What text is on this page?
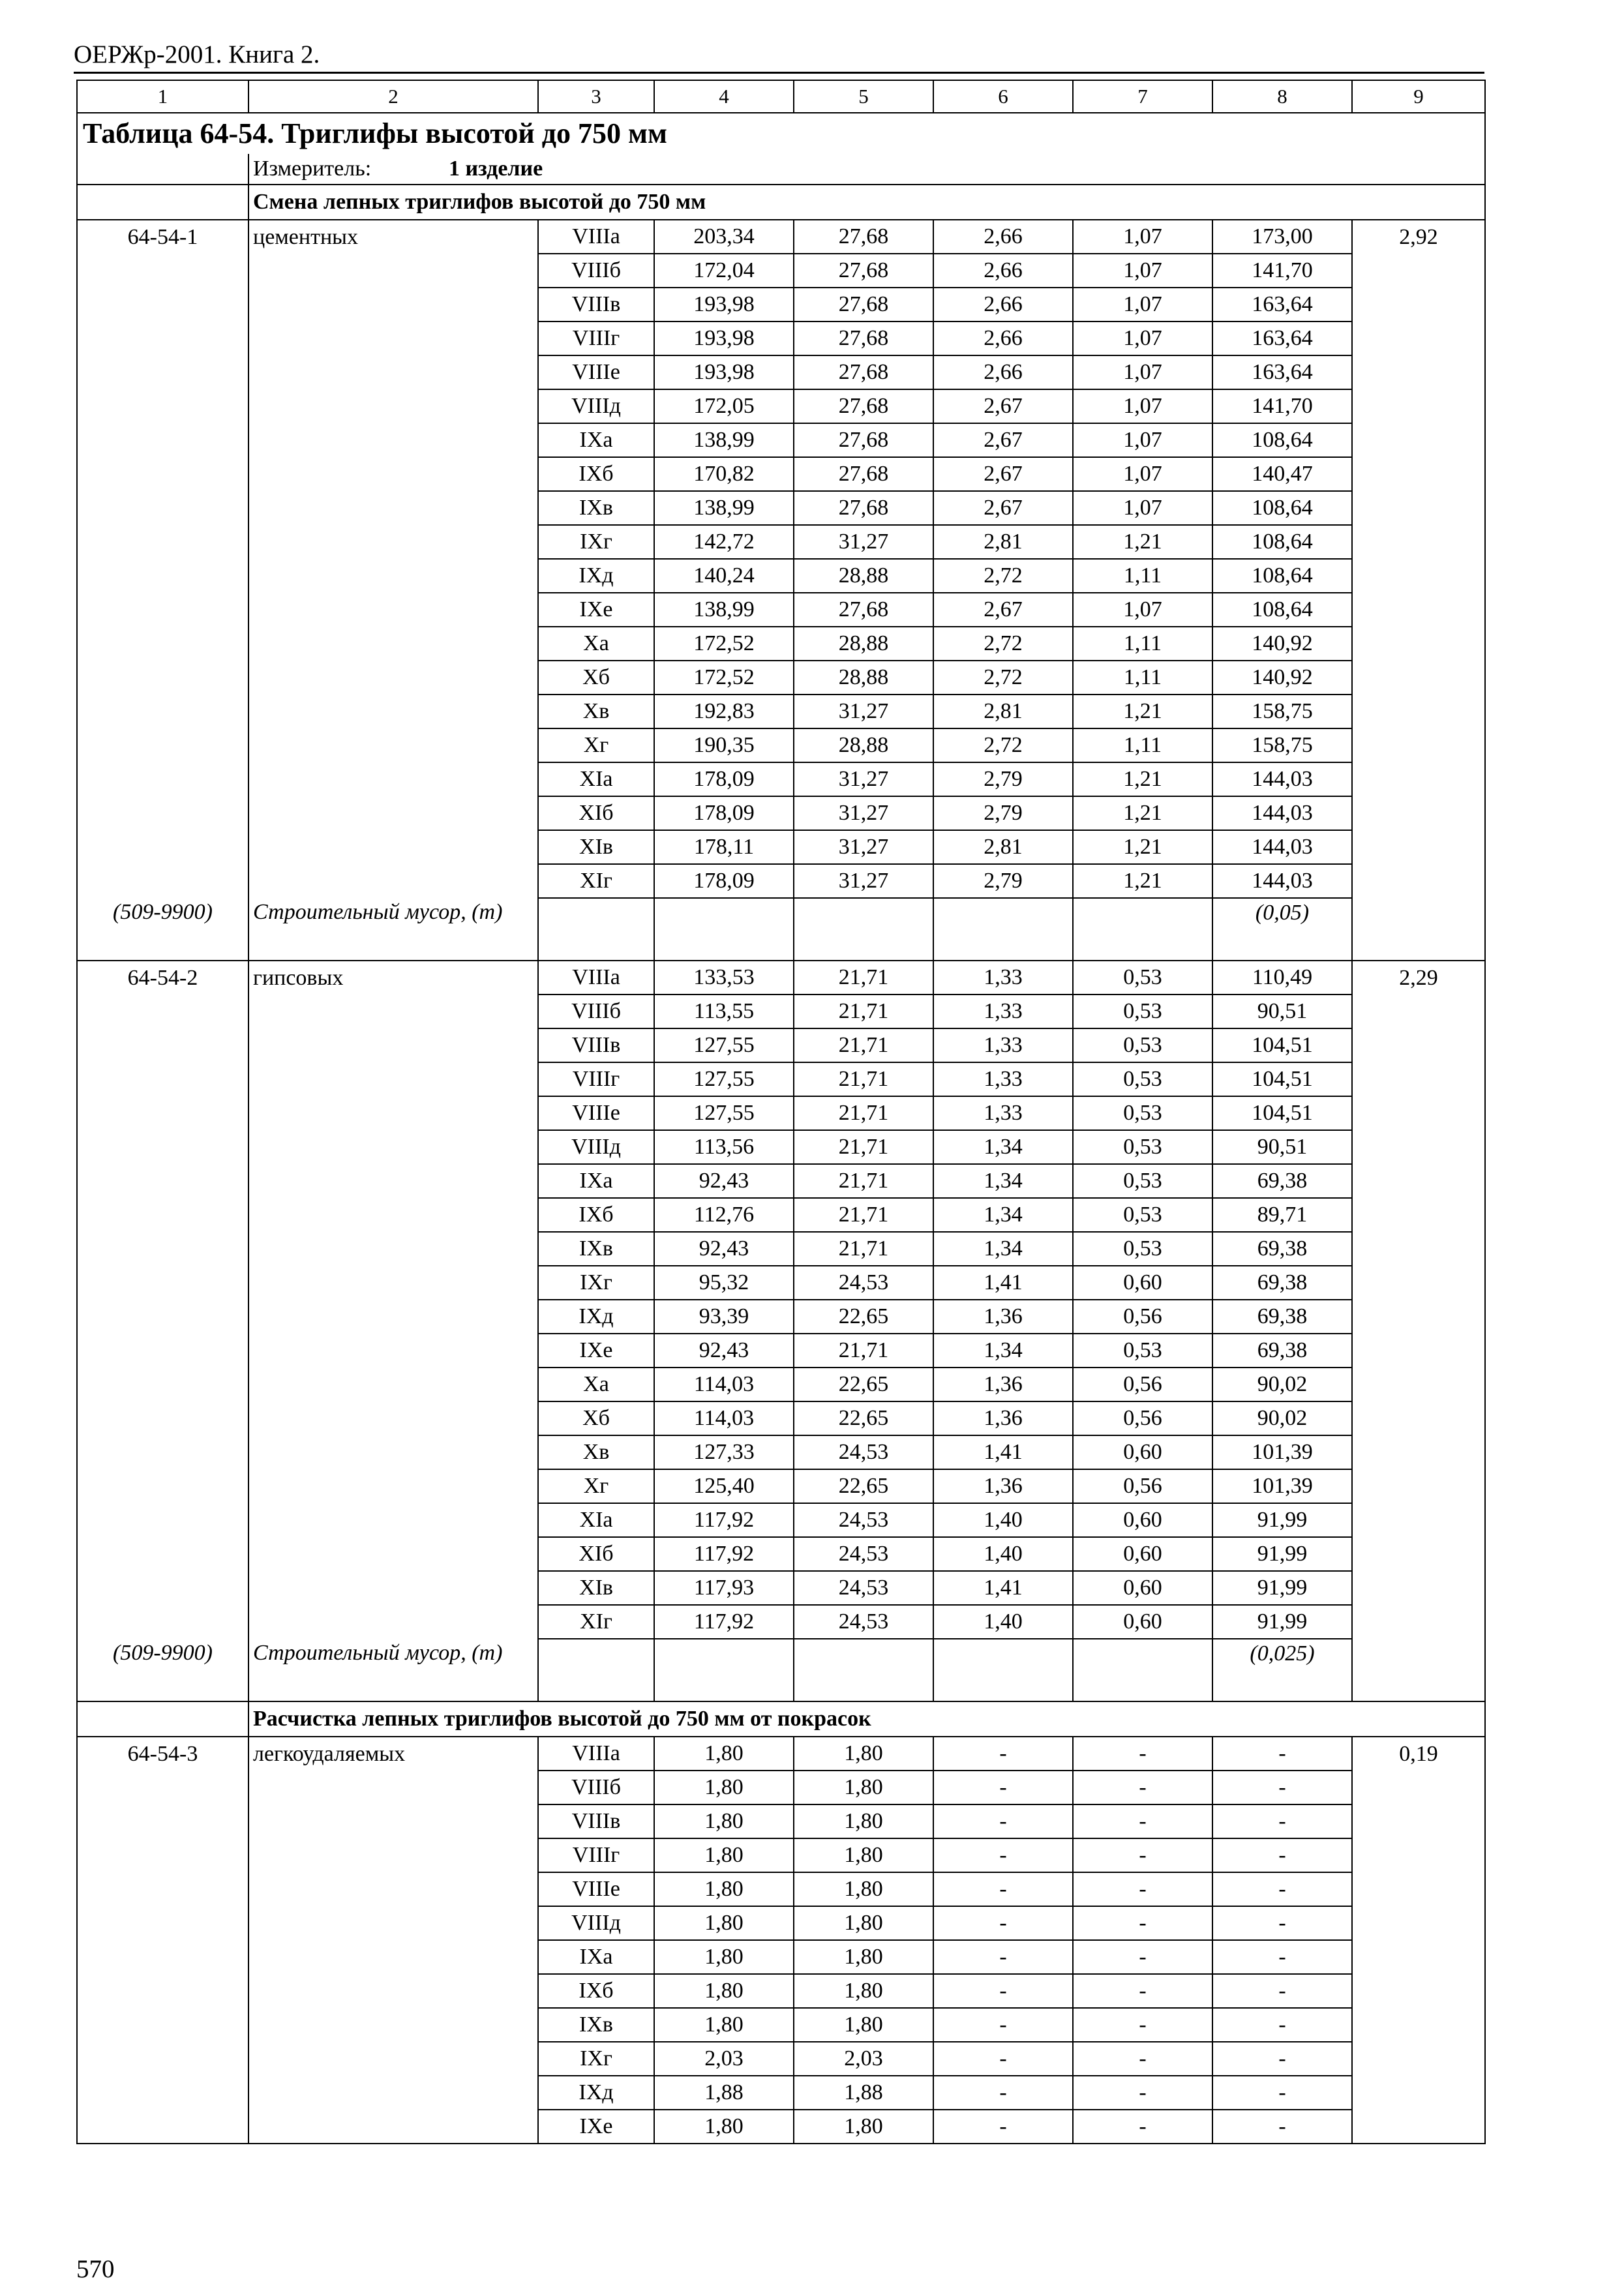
ОЕРЖр-2001. Книга 2.
1	2	3	4	5	6	7	8	9
Таблица 64-54. Триглифы высотой до 750 мм								
	Измеритель: 1 изделие							
	Смена лепных триглифов высотой до 750 мм							
64-54-1	цементных	VIIIа	203,34	27,68	2,66	1,07	173,00	2,92
		VIIIб	172,04	27,68	2,66	1,07	141,70	
		VIIIв	193,98	27,68	2,66	1,07	163,64	
		VIIIг	193,98	27,68	2,66	1,07	163,64	
		VIIIе	193,98	27,68	2,66	1,07	163,64	
		VIIIд	172,05	27,68	2,67	1,07	141,70	
		IXа	138,99	27,68	2,67	1,07	108,64	
		IXб	170,82	27,68	2,67	1,07	140,47	
		IXв	138,99	27,68	2,67	1,07	108,64	
		IXг	142,72	31,27	2,81	1,21	108,64	
		IXд	140,24	28,88	2,72	1,11	108,64	
		IXе	138,99	27,68	2,67	1,07	108,64	
		Xа	172,52	28,88	2,72	1,11	140,92	
		Xб	172,52	28,88	2,72	1,11	140,92	
		Xв	192,83	31,27	2,81	1,21	158,75	
		Xг	190,35	28,88	2,72	1,11	158,75	
		XIа	178,09	31,27	2,79	1,21	144,03	
		XIб	178,09	31,27	2,79	1,21	144,03	
		XIв	178,11	31,27	2,81	1,21	144,03	
		XIг	178,09	31,27	2,79	1,21	144,03	

(509-9900)	Строительный мусор, (т)						(0,05)	

64-54-2	гипсовых	VIIIа	133,53	21,71	1,33	0,53	110,49	2,29
		VIIIб	113,55	21,71	1,33	0,53	90,51	
		VIIIв	127,55	21,71	1,33	0,53	104,51	
		VIIIг	127,55	21,71	1,33	0,53	104,51	
		VIIIе	127,55	21,71	1,33	0,53	104,51	
		VIIIд	113,56	21,71	1,34	0,53	90,51	
		IXа	92,43	21,71	1,34	0,53	69,38	
		IXб	112,76	21,71	1,34	0,53	89,71	
		IXв	92,43	21,71	1,34	0,53	69,38	
		IXг	95,32	24,53	1,41	0,60	69,38	
		IXд	93,39	22,65	1,36	0,56	69,38	
		IXе	92,43	21,71	1,34	0,53	69,38	
		Xа	114,03	22,65	1,36	0,56	90,02	
		Xб	114,03	22,65	1,36	0,56	90,02	
		Xв	127,33	24,53	1,41	0,60	101,39	
		Xг	125,40	22,65	1,36	0,56	101,39	
		XIа	117,92	24,53	1,40	0,60	91,99	
		XIб	117,92	24,53	1,40	0,60	91,99	
		XIв	117,93	24,53	1,41	0,60	91,99	
		XIг	117,92	24,53	1,40	0,60	91,99	

(509-9900)	Строительный мусор, (т)						(0,025)	

	Расчистка лепных триглифов высотой до 750 мм от покрасок							
64-54-3	легкоудаляемых	VIIIа	1,80	1,80	-	-	-	0,19
		VIIIб	1,80	1,80	-	-	-	
		VIIIв	1,80	1,80	-	-	-	
		VIIIг	1,80	1,80	-	-	-	
		VIIIе	1,80	1,80	-	-	-	
		VIIIд	1,80	1,80	-	-	-	
		IXа	1,80	1,80	-	-	-	
		IXб	1,80	1,80	-	-	-	
		IXв	1,80	1,80	-	-	-	
		IXг	2,03	2,03	-	-	-	
		IXд	1,88	1,88	-	-	-	
		IXе	1,80	1,80	-	-	-	
570
